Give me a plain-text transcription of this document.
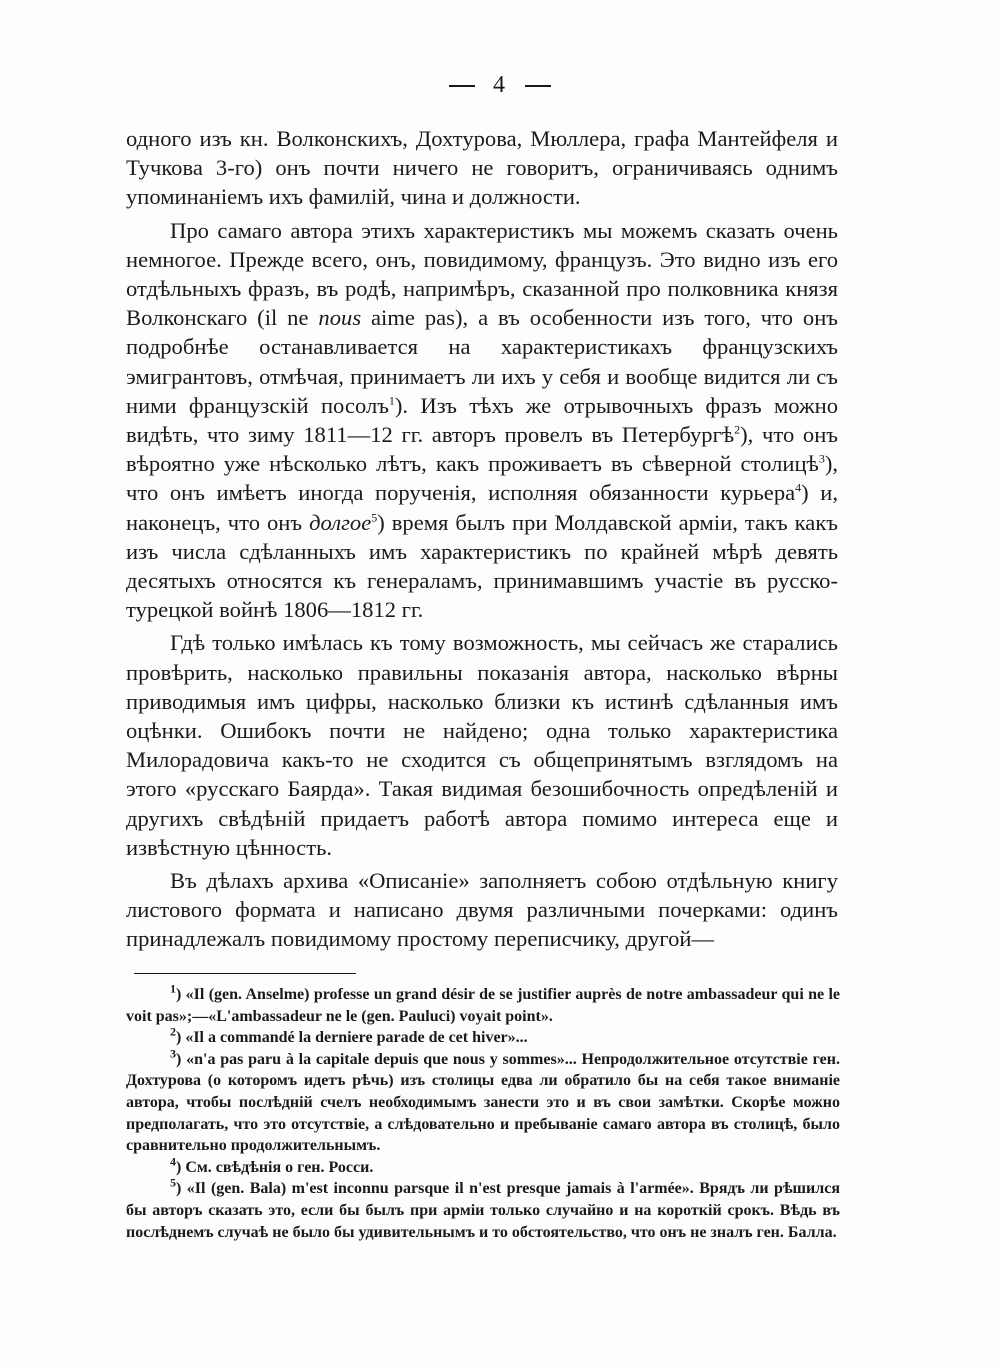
4

одного изъ кн. Волконскихъ, Дохтурова, Мюллера, графа Мантейфеля и Тучкова 3-го) онъ почти ничего не говоритъ, ограничиваясь однимъ упоминаніемъ ихъ фамилій, чина и должности.

Про самаго автора этихъ характеристикъ мы можемъ сказать очень немногое. Прежде всего, онъ, повидимому, французъ. Это видно изъ его отдѣльныхъ фразъ, въ родѣ, напримѣръ, сказанной про полковника князя Волконскаго (il ne nous aime pas), а въ особенности изъ того, что онъ подробнѣе останавливается на характеристикахъ французскихъ эмигрантовъ, отмѣчая, принимаетъ ли ихъ у себя и вообще видится ли съ ними французскій посолъ$^1$). Изъ тѣхъ же отрывочныхъ фразъ можно видѣть, что зиму 1811—12 гг. авторъ провелъ въ Петербургѣ$^2$), что онъ вѣроятно уже нѣсколько лѣтъ, какъ проживаетъ въ сѣверной столицѣ$^3$), что онъ имѣетъ иногда порученія, исполняя обязанности курьера$^4$) и, наконецъ, что онъ долгое$^5$) время былъ при Молдавской арміи, такъ какъ изъ числа сдѣланныхъ имъ характеристикъ по крайней мѣрѣ девять десятыхъ относятся къ генераламъ, принимавшимъ участіе въ русско-турецкой войнѣ 1806—1812 гг.

Гдѣ только имѣлась къ тому возможность, мы сейчасъ же старались провѣрить, насколько правильны показанія автора, насколько вѣрны приводимыя имъ цифры, насколько близки къ истинѣ сдѣланныя имъ оцѣнки. Ошибокъ почти не найдено; одна только характеристика Милорадовича какъ-то не сходится съ общепринятымъ взглядомъ на этого «русскаго Баярда». Такая видимая безошибочность опредѣленій и другихъ свѣдѣній придаетъ работѣ автора помимо интереса еще и извѣстную цѣнность.

Въ дѣлахъ архива «Описаніе» заполняетъ собою отдѣльную книгу листового формата и написано двумя различными почерками: одинъ принадлежалъ повидимому простому переписчику, другой—

$^1$) «Il (gen. Anselme) professe un grand désir de se justifier auprès de notre ambassadeur qui ne le voit pas»;—«L'ambassadeur ne le (gen. Pauluci) voyait point».

$^2$) «Il a commandé la derniere parade de cet hiver»...

$^3$) «n'a pas paru à la capitale depuis que nous y sommes»... Непродолжительное отсутствіе ген. Дохтурова (о которомъ идетъ рѣчь) изъ столицы едва ли обратило бы на себя такое вниманіе автора, чтобы послѣдній счелъ необходимымъ занести это и въ свои замѣтки. Скорѣе можно предполагать, что это отсутствіе, а слѣдовательно и пребываніе самаго автора въ столицѣ, было сравнительно продолжительнымъ.

$^4$) См. свѣдѣнія о ген. Росси.

$^5$) «Il (gen. Bala) m'est inconnu parsque il n'est presque jamais à l'armée». Врядъ ли рѣшился бы авторъ сказать это, если бы былъ при арміи только случайно и на короткій срокъ. Вѣдь въ послѣднемъ случаѣ не было бы удивительнымъ и то обстоятельство, что онъ не зналъ ген. Балла.
